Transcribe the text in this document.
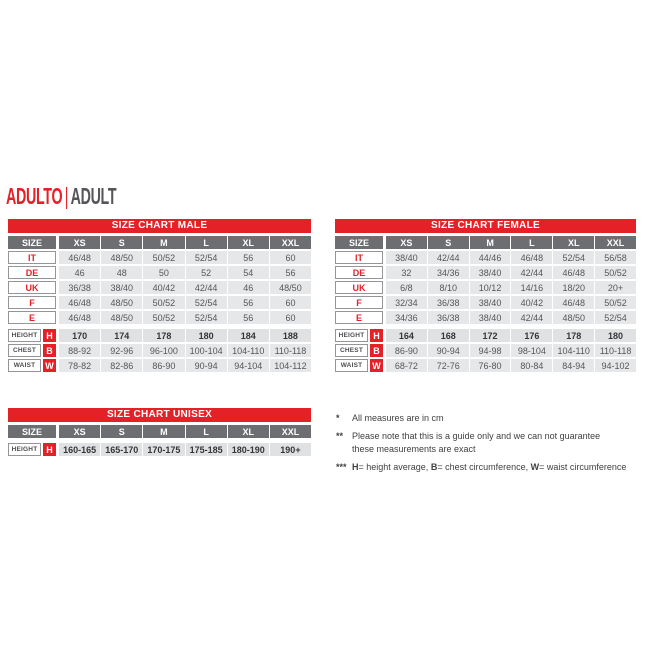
ADULTO | ADULT
SIZE CHART MALE
SIZE	XS	S	M	L	XL	XXL
IT	46/48	48/50	50/52	52/54	56	60
DE	46	48	50	52	54	56
UK	36/38	38/40	40/42	42/44	46	48/50
F	46/48	48/50	50/52	52/54	56	60
E	46/48	48/50	50/52	52/54	56	60
HEIGHT H	170	174	178	180	184	188
CHEST	B	88-92	92-96	96-100	100-104	104-110	110-118
WAIST	W	78-82	82-86	86-90	90-94	94-104	104-112
SIZE CHART FEMALE
SIZE	XS	S	M	L	XL	XXL
IT	38/40	42/44	44/46	46/48	52/54	56/58
DE	32	34/36	38/40	42/44	46/48	50/52
UK	6/8	8/10	10/12	14/16	18/20	20+
F	32/34	36/38	38/40	40/42	46/48	50/52
E	34/36	36/38	38/40	42/44	48/50	52/54
HEIGHT H	164	168	172	176	178	180
CHEST	B	86-90	90-94	94-98	98-104	104-110	110-118
WAIST	W	68-72	72-76	76-80	80-84	84-94	94-102
SIZE CHART UNISEX
SIZE	XS	S	M	L	XL	XXL
HEIGHT H	160-165	165-170	170-175	175-185	180-190	190+
*	All measures are in cm
** Please note that this is a guide only and we can not guarantee
these measurements are exact
*** H= height average, B= chest circumference, W= waist circumference
